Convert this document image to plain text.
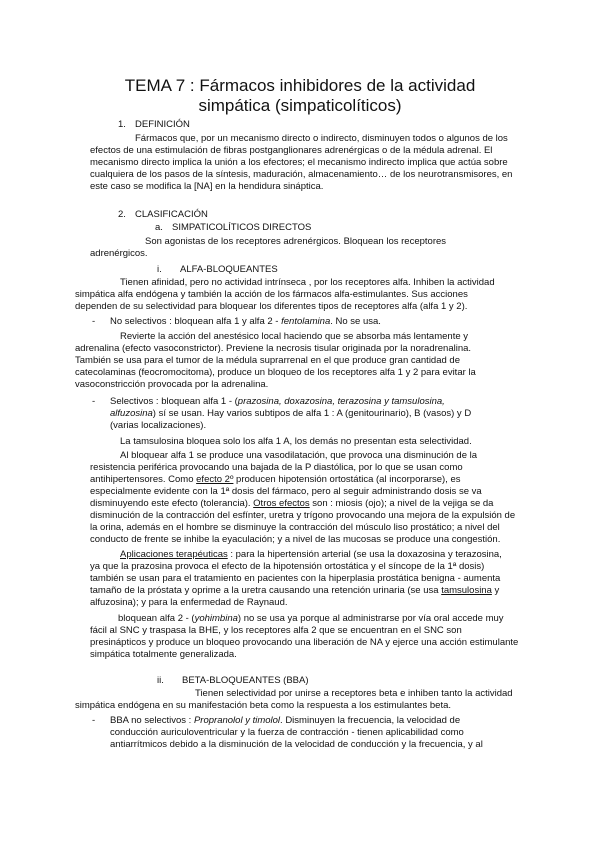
TEMA 7 : Fármacos inhibidores de la actividad
simpática (simpaticolíticos)

1. DEFINICIÓN

Fármacos que, por un mecanismo directo o indirecto, disminuyen todos o algunos de los

efectos de una estimulación de fibras postganglionares adrenérgicas o de la médula adrenal. El

mecanismo directo implica la unión a los efectores; el mecanismo indirecto implica que actúa sobre

cualquiera de los pasos de la síntesis, maduración, almacenamiento… de los neurotransmisores, en

este caso se modifica la [NA] en la hendidura sináptica.

2. CLASIFICACIÓN

a. SIMPATICOLÍTICOS DIRECTOS

Son agonistas de los receptores adrenérgicos. Bloquean los receptores

adrenérgicos.

i. ALFA-BLOQUEANTES

Tienen afinidad, pero no actividad intrínseca , por los receptores alfa. Inhiben la actividad

simpática alfa endógena y también la acción de los fármacos alfa-estimulantes. Sus acciones

dependen de su selectividad para bloquear los diferentes tipos de receptores alfa (alfa 1 y 2).

- No selectivos : bloquean alfa 1 y alfa 2 - fentolamina. No se usa.

Revierte la acción del anestésico local haciendo que se absorba más lentamente y

adrenalina (efecto vasoconstrictor). Previene la necrosis tisular originada por la noradrenalina.

También se usa para el tumor de la médula suprarrenal en el que produce gran cantidad de

catecolaminas (feocromocitoma), produce un bloqueo de los receptores alfa 1 y 2 para evitar la

vasoconstricción provocada por la adrenalina.

- Selectivos : bloquean alfa 1 - (prazosina, doxazosina, terazosina y tamsulosina,

alfuzosina) sí se usan. Hay varios subtipos de alfa 1 : A (genitourinario), B (vasos) y D

(varias localizaciones).

La tamsulosina bloquea solo los alfa 1 A, los demás no presentan esta selectividad.

Al bloquear alfa 1 se produce una vasodilatación, que provoca una disminución de la

resistencia periférica provocando una bajada de la P diastólica, por lo que se usan como

antihipertensores. Como efecto 2º producen hipotensión ortostática (al incorporarse), es

especialmente evidente con la 1ª dosis del fármaco, pero al seguir administrando dosis se va

disminuyendo este efecto (tolerancia). Otros efectos son : miosis (ojo); a nivel de la vejiga se da

disminución de la contracción del esfínter, uretra y trígono provocando una mejora de la expulsión de

la orina, además en el hombre se disminuye la contracción del músculo liso prostático; a nivel del

conducto de frente se inhibe la eyaculación; y a nivel de las mucosas se produce una congestión.

Aplicaciones terapéuticas : para la hipertensión arterial (se usa la doxazosina y terazosina,

ya que la prazosina provoca el efecto de la hipotensión ortostática y el síncope de la 1ª dosis)

también se usan para el tratamiento en pacientes con la hiperplasia prostática benigna - aumenta

tamaño de la próstata y oprime a la uretra causando una retención urinaria (se usa tamsulosina y

alfuzosina); y para la enfermedad de Raynaud.

bloquean alfa 2 - (yohimbina) no se usa ya porque al administrarse por vía oral accede muy

fácil al SNC y traspasa la BHE, y los receptores alfa 2 que se encuentran en el SNC son

presinápticos y produce un bloqueo provocando una liberación de NA y ejerce una acción estimulante

simpática totalmente generalizada.

ii. BETA-BLOQUEANTES (BBA)

Tienen selectividad por unirse a receptores beta e inhiben tanto la actividad

simpática endógena en su manifestación beta como la respuesta a los estimulantes beta.

- BBA no selectivos : Propranolol y timolol. Disminuyen la frecuencia, la velocidad de

conducción auriculoventricular y la fuerza de contracción - tienen aplicabilidad como

antiarrítmicos debido a la disminución de la velocidad de conducción y la frecuencia, y al
